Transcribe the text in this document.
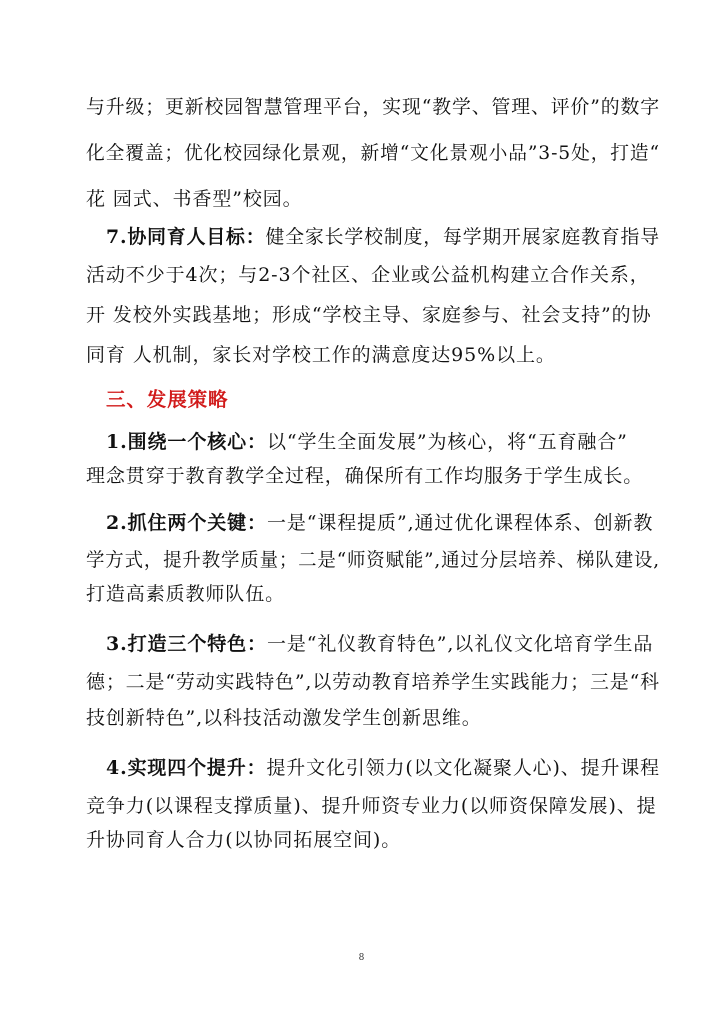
与升级；更新校园智慧管理平台，实现“教学、管理、评价”的数字
化全覆盖；优化校园绿化景观，新增“文化景观小品”3-5处，打造“
花 园式、书香型”校园。
7.协同育人目标：健全家长学校制度，每学期开展家庭教育指导
活动不少于4次；与2-3个社区、企业或公益机构建立合作关系，
开 发校外实践基地；形成“学校主导、家庭参与、社会支持”的协
同育 人机制，家长对学校工作的满意度达95%以上。
三、发展策略
1.围绕一个核心：以“学生全面发展”为核心，将“五育融合”
理念贯穿于教育教学全过程，确保所有工作均服务于学生成长。
2.抓住两个关键：一是“课程提质”,通过优化课程体系、创新教
学方式，提升教学质量；二是“师资赋能”,通过分层培养、梯队建设,
打造高素质教师队伍。
3.打造三个特色：一是“礼仪教育特色”,以礼仪文化培育学生品
德；二是“劳动实践特色”,以劳动教育培养学生实践能力；三是“科
技创新特色”,以科技活动激发学生创新思维。
4.实现四个提升：提升文化引领力(以文化凝聚人心)、提升课程
竞争力(以课程支撑质量)、提升师资专业力(以师资保障发展)、提
升协同育人合力(以协同拓展空间)。
8
